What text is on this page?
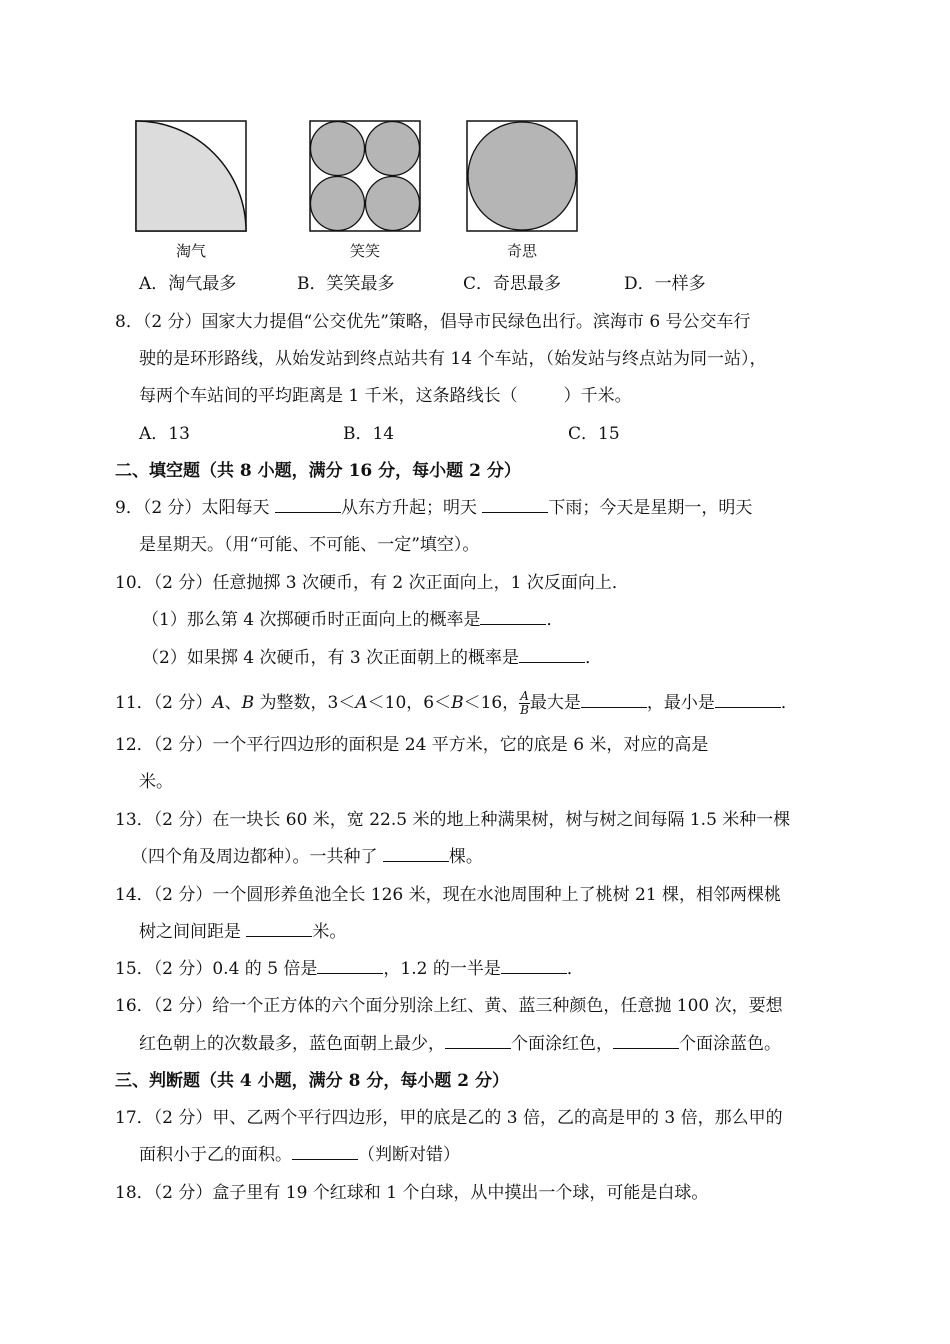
淘气	笑笑	奇思
A．淘气最多	B．笑笑最多	C．奇思最多	D．一样多
8．（2 分）国家大力提倡“公交优先”策略，倡导市民绿色出行。滨海市 6 号公交车行
驶的是环形路线，从始发站到终点站共有 14 个车站，（始发站与终点站为同一站），
每两个车站间的平均距离是 1 千米，这条路线长（	）千米。
A．13	B．14	C．15
二、填空题（共 8 小题，满分 16 分，每小题 2 分）
9．（2 分）太阳每天	从东方升起；明天	下雨；今天是星期一，明天
是星期天。（用“可能、不可能、一定”填空）。
10．（2 分）任意抛掷 3 次硬币，有 2 次正面向上，1 次反面向上．
（1）那么第 4 次掷硬币时正面向上的概率是	．
（2）如果掷 4 次硬币，有 3 次正面朝上的概率是	．
11．（2 分）A、B 为整数，3＜A＜10，6＜B＜16， $\frac{A}{B}$ 最大是	，最小是	．
12．（2 分）一个平行四边形的面积是 24 平方米，它的底是 6 米，对应的高是
米。
13．（2 分）在一块长 60 米，宽 22.5 米的地上种满果树，树与树之间每隔 1.5 米种一棵
（四个角及周边都种）。一共种了	棵。
14．（2 分）一个圆形养鱼池全长 126 米，现在水池周围种上了桃树 21 棵，相邻两棵桃
树之间间距是	米。
15．（2 分）0.4 的 5 倍是	，1.2 的一半是	．
16．（2 分）给一个正方体的六个面分别涂上红、黄、蓝三种颜色，任意抛 100 次，要想
红色朝上的次数最多，蓝色面朝上最少，	个面涂红色，	个面涂蓝色。
三、判断题（共 4 小题，满分 8 分，每小题 2 分）
17．（2 分）甲、乙两个平行四边形，甲的底是乙的 3 倍，乙的高是甲的 3 倍，那么甲的
面积小于乙的面积。	（判断对错）
18．（2 分）盒子里有 19 个红球和 1 个白球，从中摸出一个球，可能是白球。
